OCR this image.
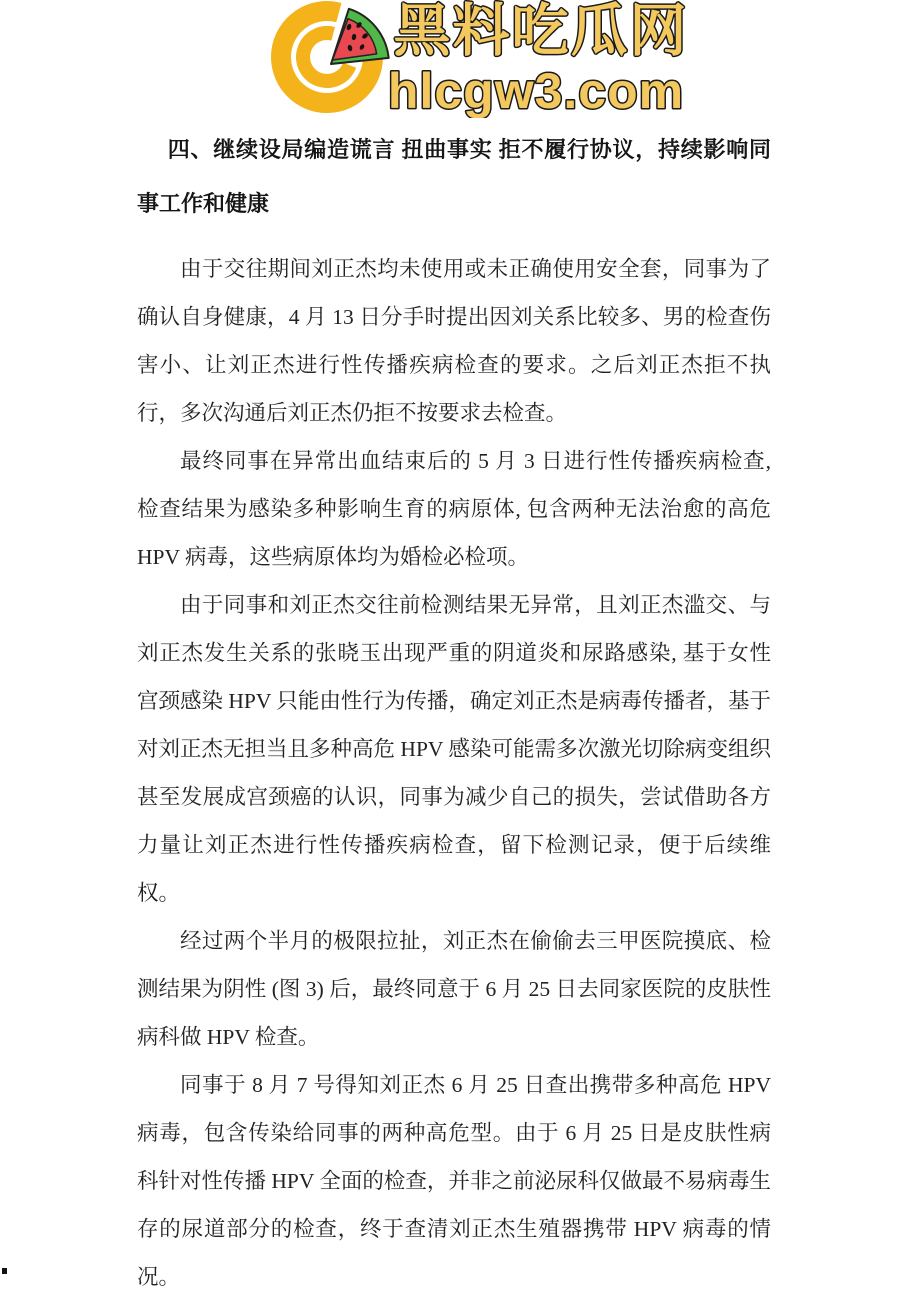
黑料吃瓜网
hlcgw3.com

四、继续设局编造谎言 扭曲事实 拒不履行协议，持续影响同事工作和健康

由于交往期间刘正杰均未使用或未正确使用安全套，同事为了确认自身健康，4 月 13 日分手时提出因刘关系比较多、男的检查伤害小、让刘正杰进行性传播疾病检查的要求。之后刘正杰拒不执行，多次沟通后刘正杰仍拒不按要求去检查。

最终同事在异常出血结束后的 5 月 3 日进行性传播疾病检查, 检查结果为感染多种影响生育的病原体, 包含两种无法治愈的高危 HPV 病毒，这些病原体均为婚检必检项。

由于同事和刘正杰交往前检测结果无异常，且刘正杰滥交、与刘正杰发生关系的张晓玉出现严重的阴道炎和尿路感染, 基于女性宫颈感染 HPV 只能由性行为传播，确定刘正杰是病毒传播者，基于对刘正杰无担当且多种高危 HPV 感染可能需多次激光切除病变组织甚至发展成宫颈癌的认识，同事为减少自己的损失，尝试借助各方力量让刘正杰进行性传播疾病检查，留下检测记录，便于后续维权。

经过两个半月的极限拉扯，刘正杰在偷偷去三甲医院摸底、检测结果为阴性 (图 3) 后，最终同意于 6 月 25 日去同家医院的皮肤性病科做 HPV 检查。

同事于 8 月 7 号得知刘正杰 6 月 25 日查出携带多种高危 HPV 病毒，包含传染给同事的两种高危型。由于 6 月 25 日是皮肤性病科针对性传播 HPV 全面的检查，并非之前泌尿科仅做最不易病毒生存的尿道部分的检查，终于查清刘正杰生殖器携带 HPV 病毒的情况。
